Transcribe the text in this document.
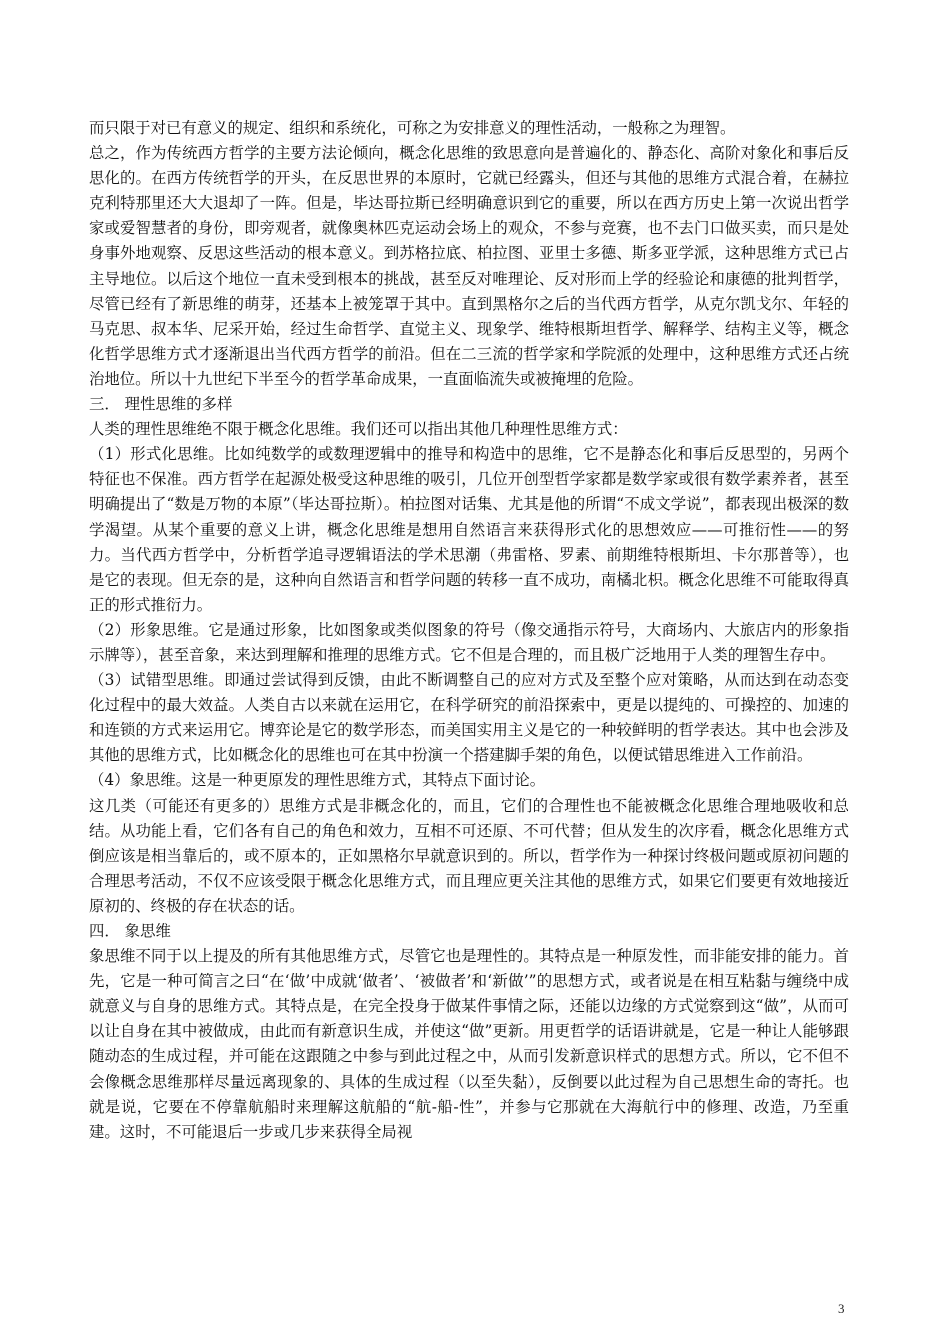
而只限于对已有意义的规定、组织和系统化，可称之为安排意义的理性活动，一般称之为理智。

总之，作为传统西方哲学的主要方法论倾向，概念化思维的致思意向是普遍化的、静态化、高阶对象化和事后反思化的。在西方传统哲学的开头，在反思世界的本原时，它就已经露头，但还与其他的思维方式混合着，在赫拉克利特那里还大大退却了一阵。但是，毕达哥拉斯已经明确意识到它的重要，所以在西方历史上第一次说出哲学家或爱智慧者的身份，即旁观者，就像奥林匹克运动会场上的观众，不参与竞赛，也不去门口做买卖，而只是处身事外地观察、反思这些活动的根本意义。到苏格拉底、柏拉图、亚里士多德、斯多亚学派，这种思维方式已占主导地位。以后这个地位一直未受到根本的挑战，甚至反对唯理论、反对形而上学的经验论和康德的批判哲学，尽管已经有了新思维的萌芽，还基本上被笼罩于其中。直到黑格尔之后的当代西方哲学，从克尔凯戈尔、年轻的马克思、叔本华、尼采开始，经过生命哲学、直觉主义、现象学、维特根斯坦哲学、解释学、结构主义等，概念化哲学思维方式才逐渐退出当代西方哲学的前沿。但在二三流的哲学家和学院派的处理中，这种思维方式还占统治地位。所以十九世纪下半至今的哲学革命成果，一直面临流失或被掩埋的危险。

三． 理性思维的多样

人类的理性思维绝不限于概念化思维。我们还可以指出其他几种理性思维方式：

（1）形式化思维。比如纯数学的或数理逻辑中的推导和构造中的思维，它不是静态化和事后反思型的，另两个特征也不保准。西方哲学在起源处极受这种思维的吸引，几位开创型哲学家都是数学家或很有数学素养者，甚至明确提出了“数是万物的本原”（毕达哥拉斯）。柏拉图对话集、尤其是他的所谓“不成文学说”，都表现出极深的数学渴望。从某个重要的意义上讲，概念化思维是想用自然语言来获得形式化的思想效应——可推衍性——的努力。当代西方哲学中，分析哲学追寻逻辑语法的学术思潮（弗雷格、罗素、前期维特根斯坦、卡尔那普等），也是它的表现。但无奈的是，这种向自然语言和哲学问题的转移一直不成功，南橘北枳。概念化思维不可能取得真正的形式推衍力。

（2）形象思维。它是通过形象，比如图象或类似图象的符号（像交通指示符号，大商场内、大旅店内的形象指示牌等），甚至音象，来达到理解和推理的思维方式。它不但是合理的，而且极广泛地用于人类的理智生存中。

（3）试错型思维。即通过尝试得到反馈，由此不断调整自己的应对方式及至整个应对策略，从而达到在动态变化过程中的最大效益。人类自古以来就在运用它，在科学研究的前沿探索中，更是以提纯的、可操控的、加速的和连锁的方式来运用它。博弈论是它的数学形态，而美国实用主义是它的一种较鲜明的哲学表达。其中也会涉及其他的思维方式，比如概念化的思维也可在其中扮演一个搭建脚手架的角色，以便试错思维进入工作前沿。

（4）象思维。这是一种更原发的理性思维方式，其特点下面讨论。

这几类（可能还有更多的）思维方式是非概念化的，而且，它们的合理性也不能被概念化思维合理地吸收和总结。从功能上看，它们各有自己的角色和效力，互相不可还原、不可代替；但从发生的次序看，概念化思维方式倒应该是相当靠后的，或不原本的，正如黑格尔早就意识到的。所以，哲学作为一种探讨终极问题或原初问题的合理思考活动，不仅不应该受限于概念化思维方式，而且理应更关注其他的思维方式，如果它们要更有效地接近原初的、终极的存在状态的话。

四． 象思维

象思维不同于以上提及的所有其他思维方式，尽管它也是理性的。其特点是一种原发性，而非能安排的能力。首先，它是一种可简言之曰“在‘做’中成就‘做者’、‘被做者’和‘新做’”的思想方式，或者说是在相互粘黏与缠绕中成就意义与自身的思维方式。其特点是，在完全投身于做某件事情之际，还能以边缘的方式觉察到这“做”，从而可以让自身在其中被做成，由此而有新意识生成，并使这“做”更新。用更哲学的话语讲就是，它是一种让人能够跟随动态的生成过程，并可能在这跟随之中参与到此过程之中，从而引发新意识样式的思想方式。所以，它不但不会像概念思维那样尽量远离现象的、具体的生成过程（以至失黏），反倒要以此过程为自己思想生命的寄托。也就是说，它要在不停靠航船时来理解这航船的“航-船-性”，并参与它那就在大海航行中的修理、改造，乃至重建。这时，不可能退后一步或几步来获得全局视

3
